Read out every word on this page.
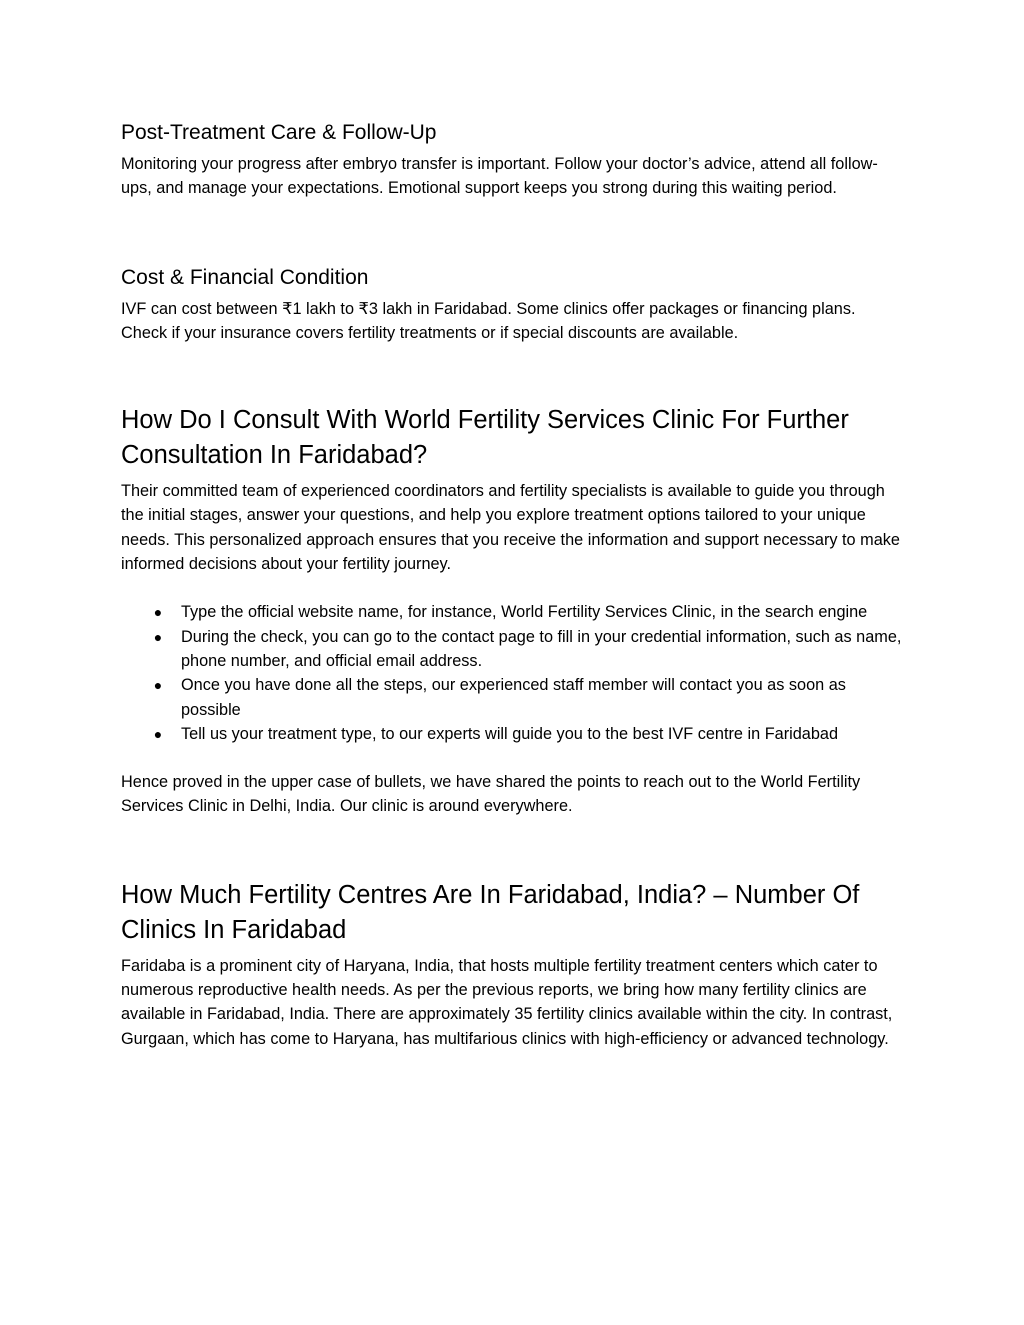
Post-Treatment Care & Follow-Up

Monitoring your progress after embryo transfer is important. Follow your doctor’s advice, attend all follow-ups, and manage your expectations. Emotional support keeps you strong during this waiting period.

Cost & Financial Condition

IVF can cost between ₹1 lakh to ₹3 lakh in Faridabad. Some clinics offer packages or financing plans. Check if your insurance covers fertility treatments or if special discounts are available.

How Do I Consult With World Fertility Services Clinic For Further Consultation In Faridabad?

Their committed team of experienced coordinators and fertility specialists is available to guide you through the initial stages, answer your questions, and help you explore treatment options tailored to your unique needs. This personalized approach ensures that you receive the information and support necessary to make informed decisions about your fertility journey.

● Type the official website name, for instance, World Fertility Services Clinic, in the search engine
● During the check, you can go to the contact page to fill in your credential information, such as name, phone number, and official email address.
● Once you have done all the steps, our experienced staff member will contact you as soon as possible
● Tell us your treatment type, to our experts will guide you to the best IVF centre in Faridabad

Hence proved in the upper case of bullets, we have shared the points to reach out to the World Fertility Services Clinic in Delhi, India. Our clinic is around everywhere.

How Much Fertility Centres Are In Faridabad, India? – Number Of Clinics In Faridabad

Faridaba is a prominent city of Haryana, India, that hosts multiple fertility treatment centers which cater to numerous reproductive health needs. As per the previous reports, we bring how many fertility clinics are available in Faridabad, India. There are approximately 35 fertility clinics available within the city. In contrast, Gurgaan, which has come to Haryana, has multifarious clinics with high-efficiency or advanced technology.
